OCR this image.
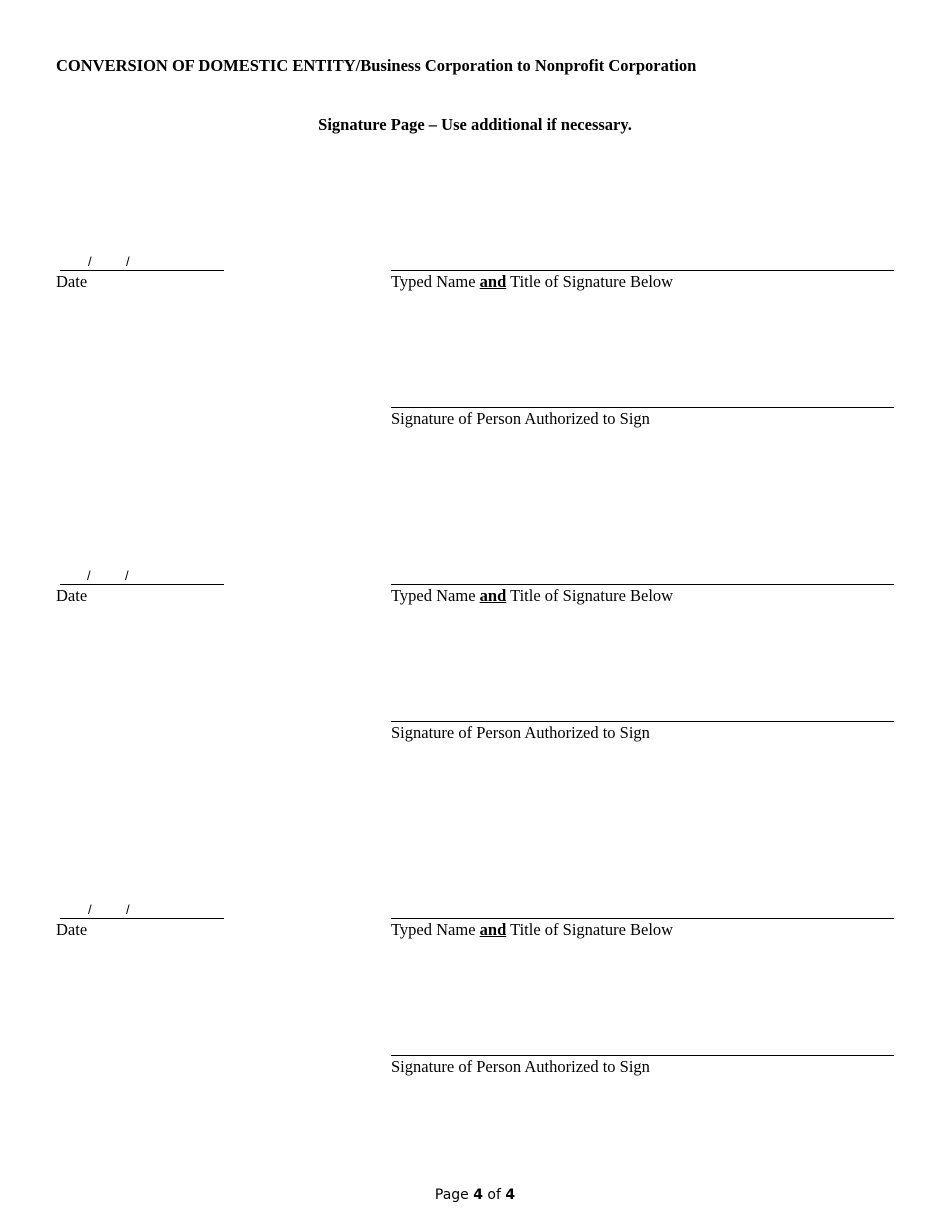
CONVERSION OF DOMESTIC ENTITY/Business Corporation to Nonprofit Corporation
Signature Page – Use additional if necessary.
/	/
Date	Typed Name and Title of Signature Below
Signature of Person Authorized to Sign
/	/
Date	Typed Name and Title of Signature Below
Signature of Person Authorized to Sign
/	/
Date	Typed Name and Title of Signature Below
Signature of Person Authorized to Sign
Page 4 of 4
